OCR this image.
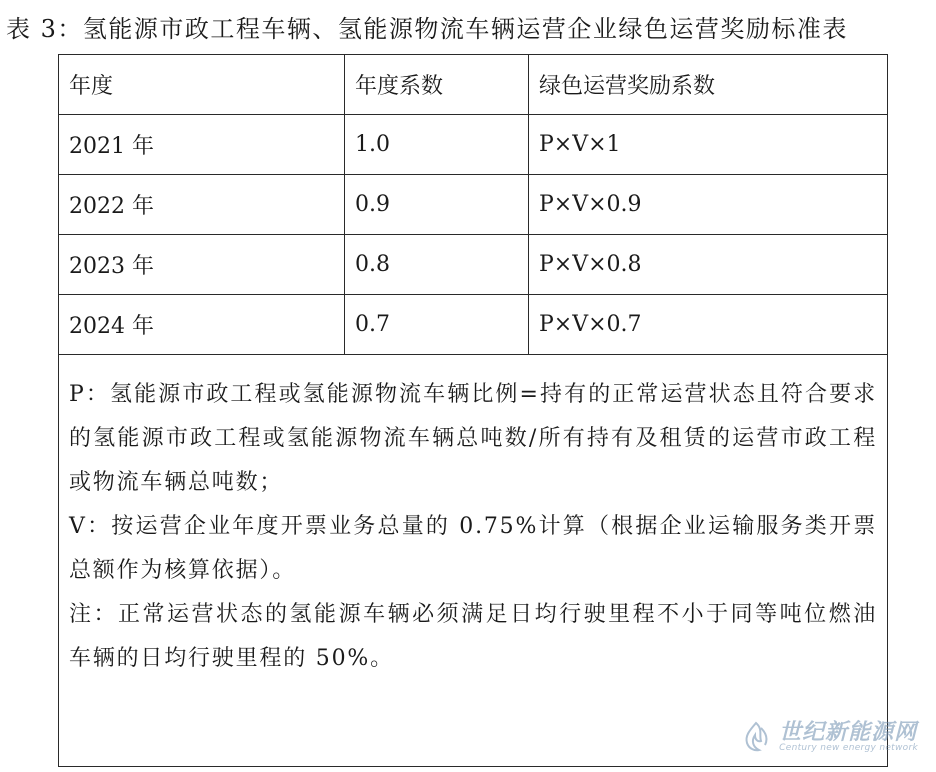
表 3：氢能源市政工程车辆、氢能源物流车辆运营企业绿色运营奖励标准表
年度	年度系数	绿色运营奖励系数
2021 年	1.0	P×V×1
2022 年	0.9	P×V×0.9
2023 年	0.8	P×V×0.8
2024 年	0.7	P×V×0.7

P：氢能源市政工程或氢能源物流车辆比例=持有的正常运营状态且符合要求的氢能源市政工程或氢能源物流车辆总吨数/所有持有及租赁的运营市政工程或物流车辆总吨数；

V：按运营企业年度开票业务总量的 0.75%计算（根据企业运输服务类开票总额作为核算依据）。

注：正常运营状态的氢能源车辆必须满足日均行驶里程不小于同等吨位燃油车辆的日均行驶里程的 50%。

世纪新能源网
Century new energy network
